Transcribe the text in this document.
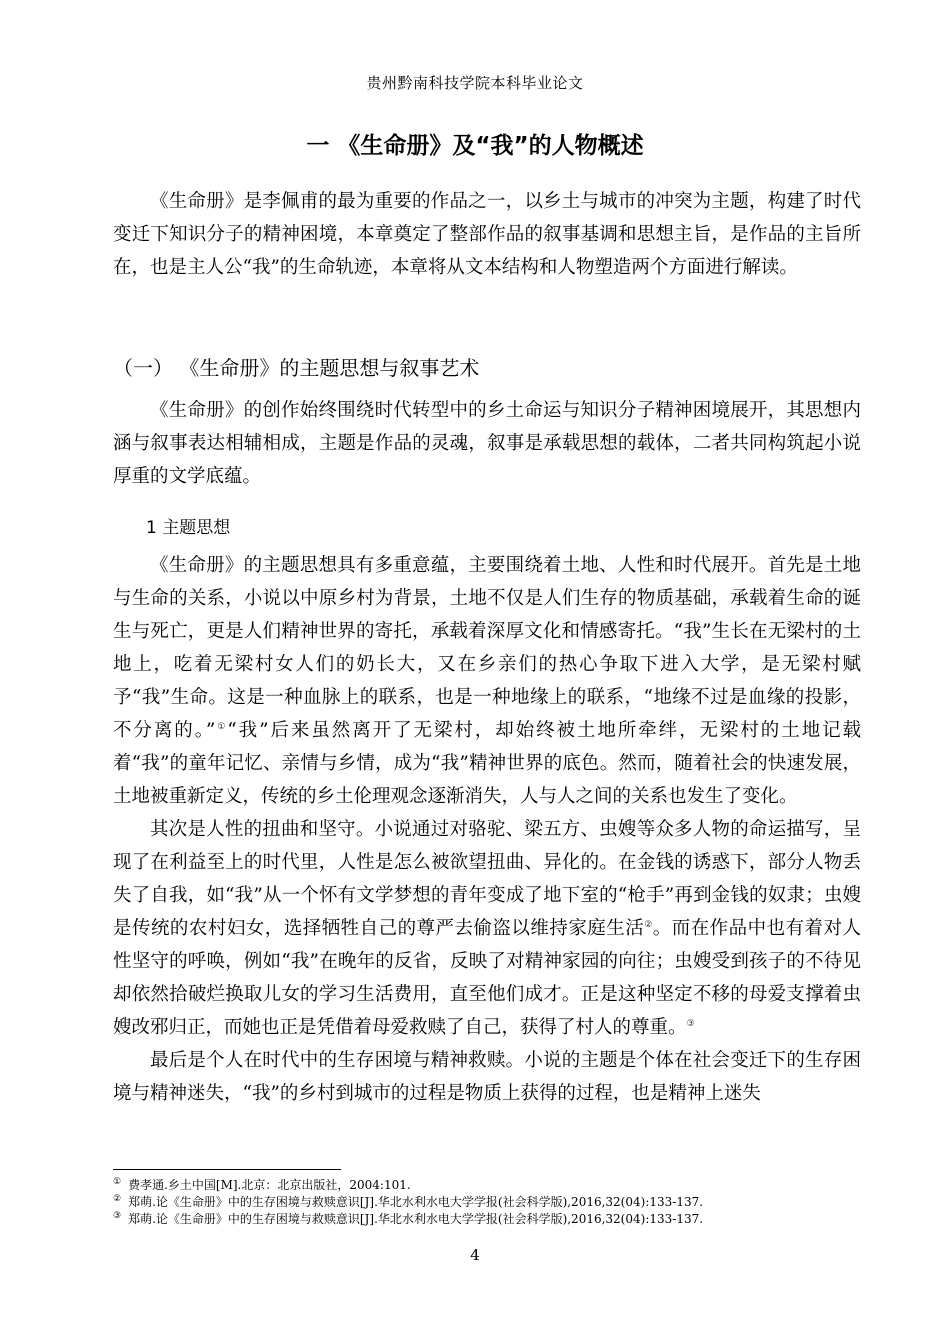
贵州黔南科技学院本科毕业论文
一 《生命册》及“我”的人物概述

《生命册》是李佩甫的最为重要的作品之一，以乡土与城市的冲突为主题，构建了时代变迁下知识分子的精神困境，本章奠定了整部作品的叙事基调和思想主旨，是作品的主旨所在，也是主人公“我”的生命轨迹，本章将从文本结构和人物塑造两个方面进行解读。

（一） 《生命册》的主题思想与叙事艺术

《生命册》的创作始终围绕时代转型中的乡土命运与知识分子精神困境展开，其思想内涵与叙事表达相辅相成，主题是作品的灵魂，叙事是承载思想的载体，二者共同构筑起小说厚重的文学底蕴。

1 主题思想

《生命册》的主题思想具有多重意蕴，主要围绕着土地、人性和时代展开。首先是土地与生命的关系，小说以中原乡村为背景，土地不仅是人们生存的物质基础，承载着生命的诞生与死亡，更是人们精神世界的寄托，承载着深厚文化和情感寄托。“我”生长在无梁村的土地上，吃着无梁村女人们的奶长大，又在乡亲们的热心争取下进入大学，是无梁村赋予“我”生命。这是一种血脉上的联系，也是一种地缘上的联系，“地缘不过是血缘的投影，不分离的。”①“我”后来虽然离开了无梁村，却始终被土地所牵绊，无梁村的土地记载着“我”的童年记忆、亲情与乡情，成为“我”精神世界的底色。然而，随着社会的快速发展，土地被重新定义，传统的乡土伦理观念逐渐消失，人与人之间的关系也发生了变化。

其次是人性的扭曲和坚守。小说通过对骆驼、梁五方、虫嫂等众多人物的命运描写，呈现了在利益至上的时代里，人性是怎么被欲望扭曲、异化的。在金钱的诱惑下，部分人物丢失了自我，如“我”从一个怀有文学梦想的青年变成了地下室的“枪手”再到金钱的奴隶；虫嫂是传统的农村妇女，选择牺牲自己的尊严去偷盗以维持家庭生活②。而在作品中也有着对人性坚守的呼唤，例如“我”在晚年的反省，反映了对精神家园的向往；虫嫂受到孩子的不待见却依然拾破烂换取儿女的学习生活费用，直至他们成才。正是这种坚定不移的母爱支撑着虫嫂改邪归正，而她也正是凭借着母爱救赎了自己，获得了村人的尊重。③

最后是个人在时代中的生存困境与精神救赎。小说的主题是个体在社会变迁下的生存困境与精神迷失，“我”的乡村到城市的过程是物质上获得的过程，也是精神上迷失

① 费孝通.乡土中国[M].北京：北京出版社，2004:101.
② 郑萌.论《生命册》中的生存困境与救赎意识[J].华北水利水电大学学报(社会科学版),2016,32(04):133-137.
③ 郑萌.论《生命册》中的生存困境与救赎意识[J].华北水利水电大学学报(社会科学版),2016,32(04):133-137.
4
